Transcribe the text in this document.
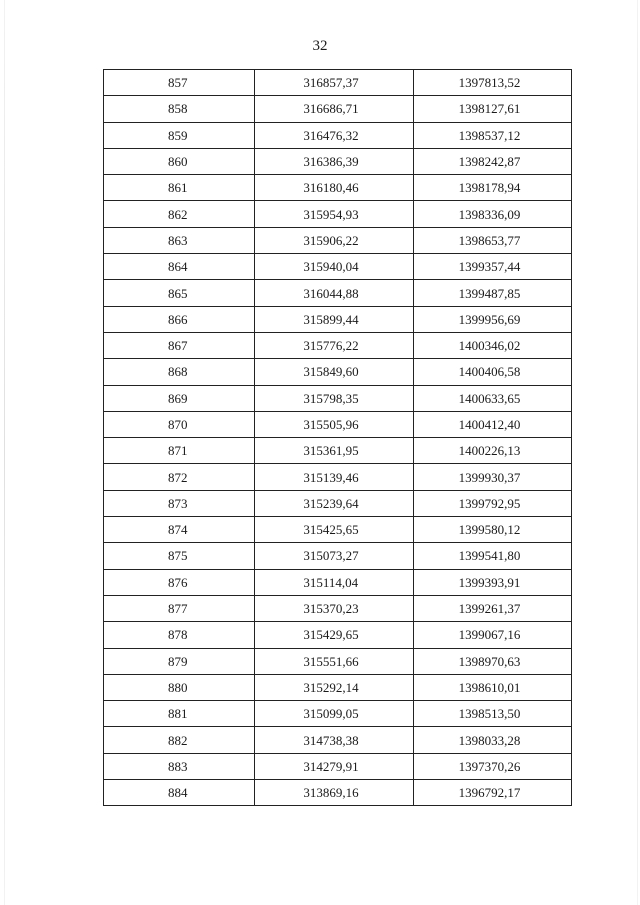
32
857	316857,37	1397813,52
858	316686,71	1398127,61
859	316476,32	1398537,12
860	316386,39	1398242,87
861	316180,46	1398178,94
862	315954,93	1398336,09
863	315906,22	1398653,77
864	315940,04	1399357,44
865	316044,88	1399487,85
866	315899,44	1399956,69
867	315776,22	1400346,02
868	315849,60	1400406,58
869	315798,35	1400633,65
870	315505,96	1400412,40
871	315361,95	1400226,13
872	315139,46	1399930,37
873	315239,64	1399792,95
874	315425,65	1399580,12
875	315073,27	1399541,80
876	315114,04	1399393,91
877	315370,23	1399261,37
878	315429,65	1399067,16
879	315551,66	1398970,63
880	315292,14	1398610,01
881	315099,05	1398513,50
882	314738,38	1398033,28
883	314279,91	1397370,26
884	313869,16	1396792,17
